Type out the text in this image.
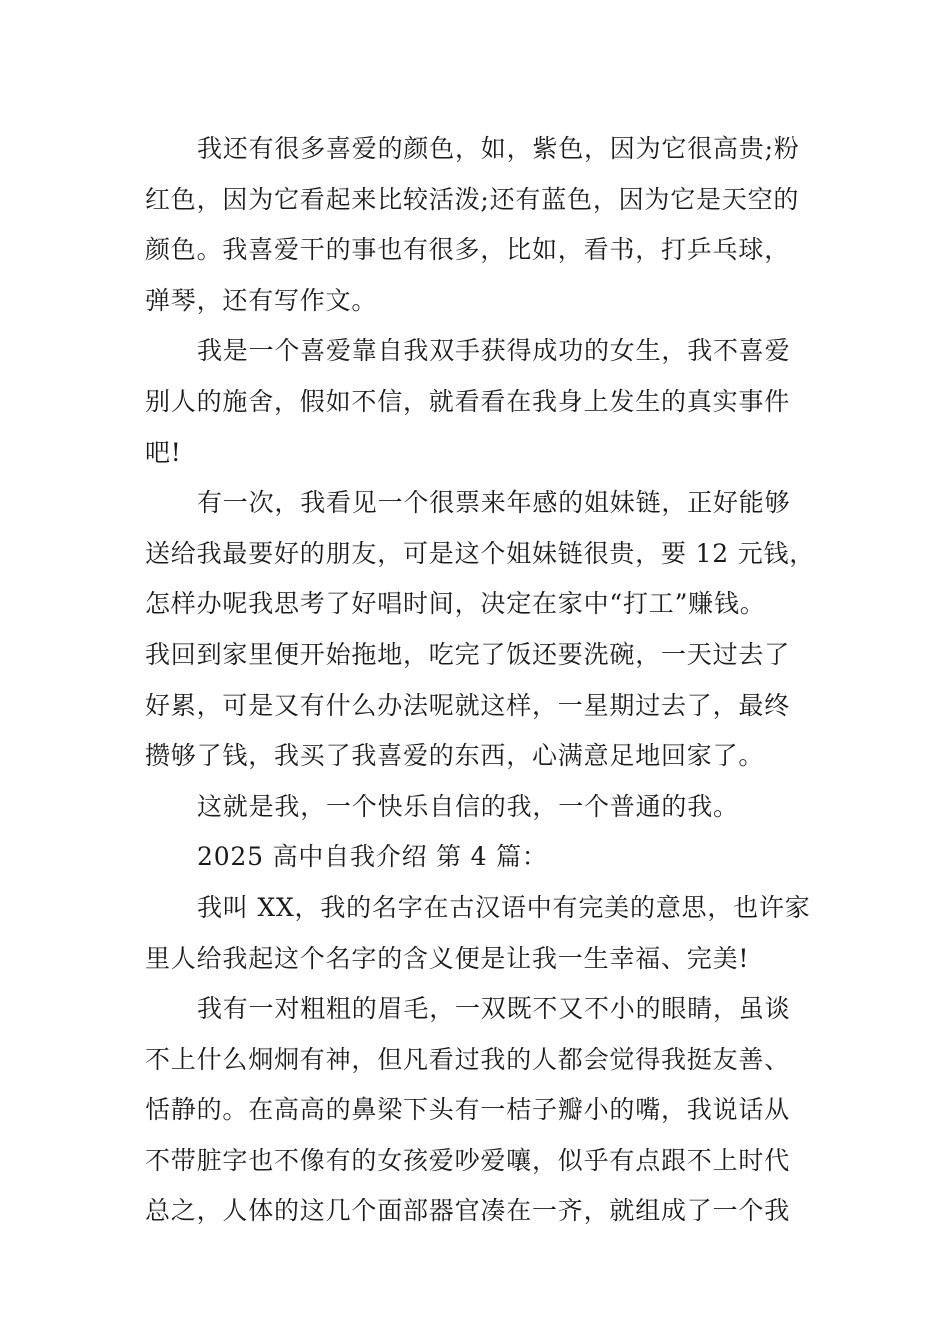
我还有很多喜爱的颜色，如，紫色，因为它很高贵;粉
红色，因为它看起来比较活泼;还有蓝色，因为它是天空的
颜色。我喜爱干的事也有很多，比如，看书，打乒乓球，
弹琴，还有写作文。
我是一个喜爱靠自我双手获得成功的女生，我不喜爱
别人的施舍，假如不信，就看看在我身上发生的真实事件
吧!
有一次，我看见一个很票来年感的姐妹链，正好能够
送给我最要好的朋友，可是这个姐妹链很贵，要 12 元钱，
怎样办呢我思考了好唱时间，决定在家中“打工”赚钱。
我回到家里便开始拖地，吃完了饭还要洗碗，一天过去了
好累，可是又有什么办法呢就这样，一星期过去了，最终
攒够了钱，我买了我喜爱的东西，心满意足地回家了。
这就是我，一个快乐自信的我，一个普通的我。
2025 高中自我介绍 第 4 篇：
我叫 XX，我的名字在古汉语中有完美的意思，也许家
里人给我起这个名字的含义便是让我一生幸福、完美!
我有一对粗粗的眉毛，一双既不又不小的眼睛，虽谈
不上什么炯炯有神，但凡看过我的人都会觉得我挺友善、
恬静的。在高高的鼻梁下头有一桔子瓣小的嘴，我说话从
不带脏字也不像有的女孩爱吵爱嚷，似乎有点跟不上时代
总之，人体的这几个面部器官凑在一齐，就组成了一个我
